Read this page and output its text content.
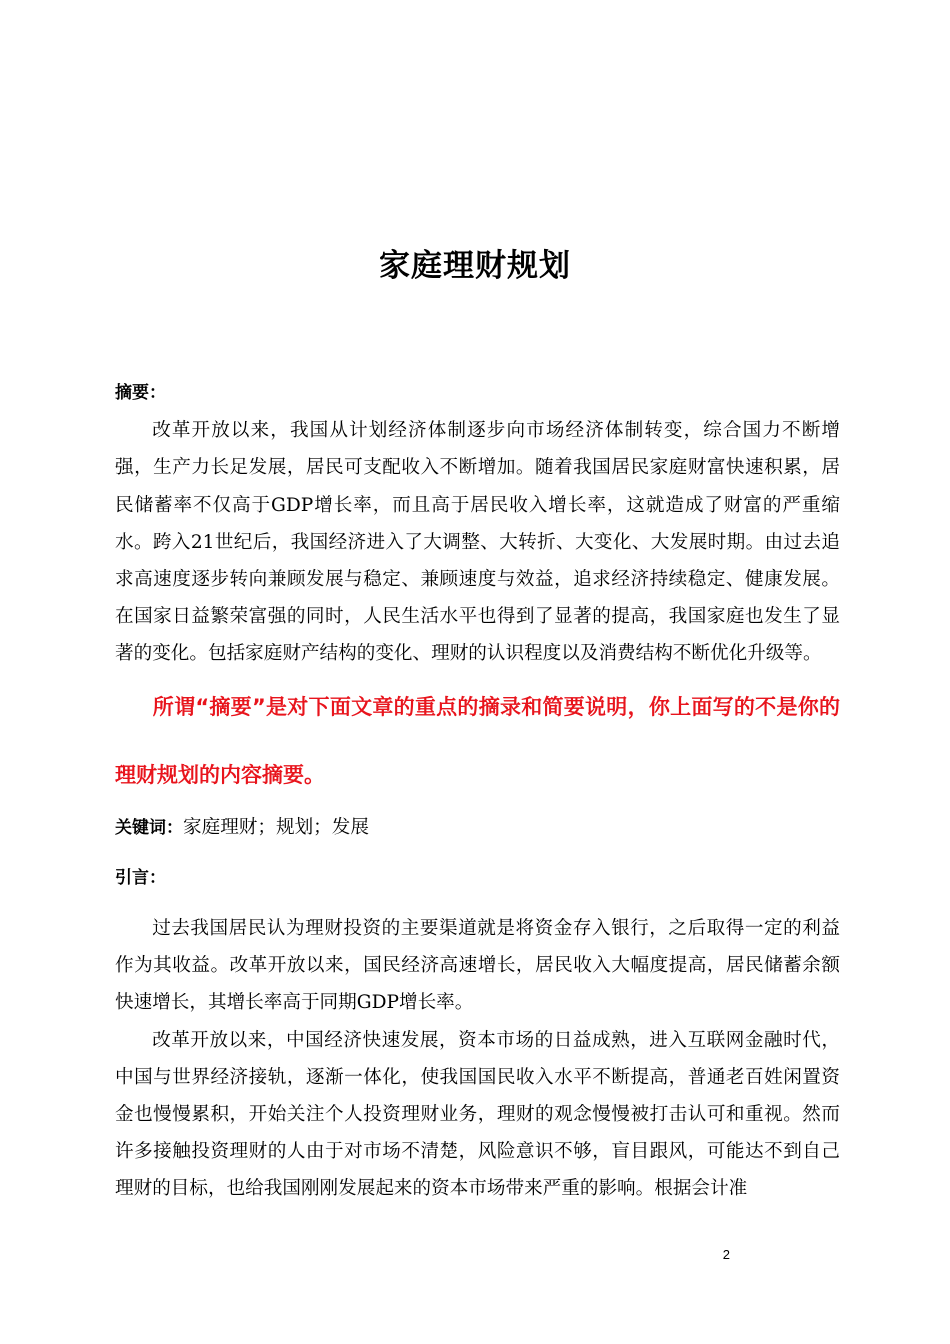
家庭理财规划
摘要：

改革开放以来，我国从计划经济体制逐步向市场经济体制转变，综合国力不断增强，生产力长足发展，居民可支配收入不断增加。随着我国居民家庭财富快速积累，居民储蓄率不仅高于GDP增长率，而且高于居民收入增长率，这就造成了财富的严重缩水。跨入21世纪后，我国经济进入了大调整、大转折、大变化、大发展时期。由过去追求高速度逐步转向兼顾发展与稳定、兼顾速度与效益，追求经济持续稳定、健康发展。在国家日益繁荣富强的同时，人民生活水平也得到了显著的提高，我国家庭也发生了显著的变化。包括家庭财产结构的变化、理财的认识程度以及消费结构不断优化升级等。

所谓“摘要”是对下面文章的重点的摘录和简要说明，你上面写的不是你的理财规划的内容摘要。

关键词：家庭理财；规划；发展
引言：

过去我国居民认为理财投资的主要渠道就是将资金存入银行，之后取得一定的利益作为其收益。改革开放以来，国民经济高速增长，居民收入大幅度提高，居民储蓄余额快速增长，其增长率高于同期GDP增长率。

改革开放以来，中国经济快速发展，资本市场的日益成熟，进入互联网金融时代，中国与世界经济接轨，逐渐一体化，使我国国民收入水平不断提高，普通老百姓闲置资金也慢慢累积，开始关注个人投资理财业务，理财的观念慢慢被打击认可和重视。然而许多接触投资理财的人由于对市场不清楚，风险意识不够，盲目跟风，可能达不到自己理财的目标，也给我国刚刚发展起来的资本市场带来严重的影响。根据会计准

2
